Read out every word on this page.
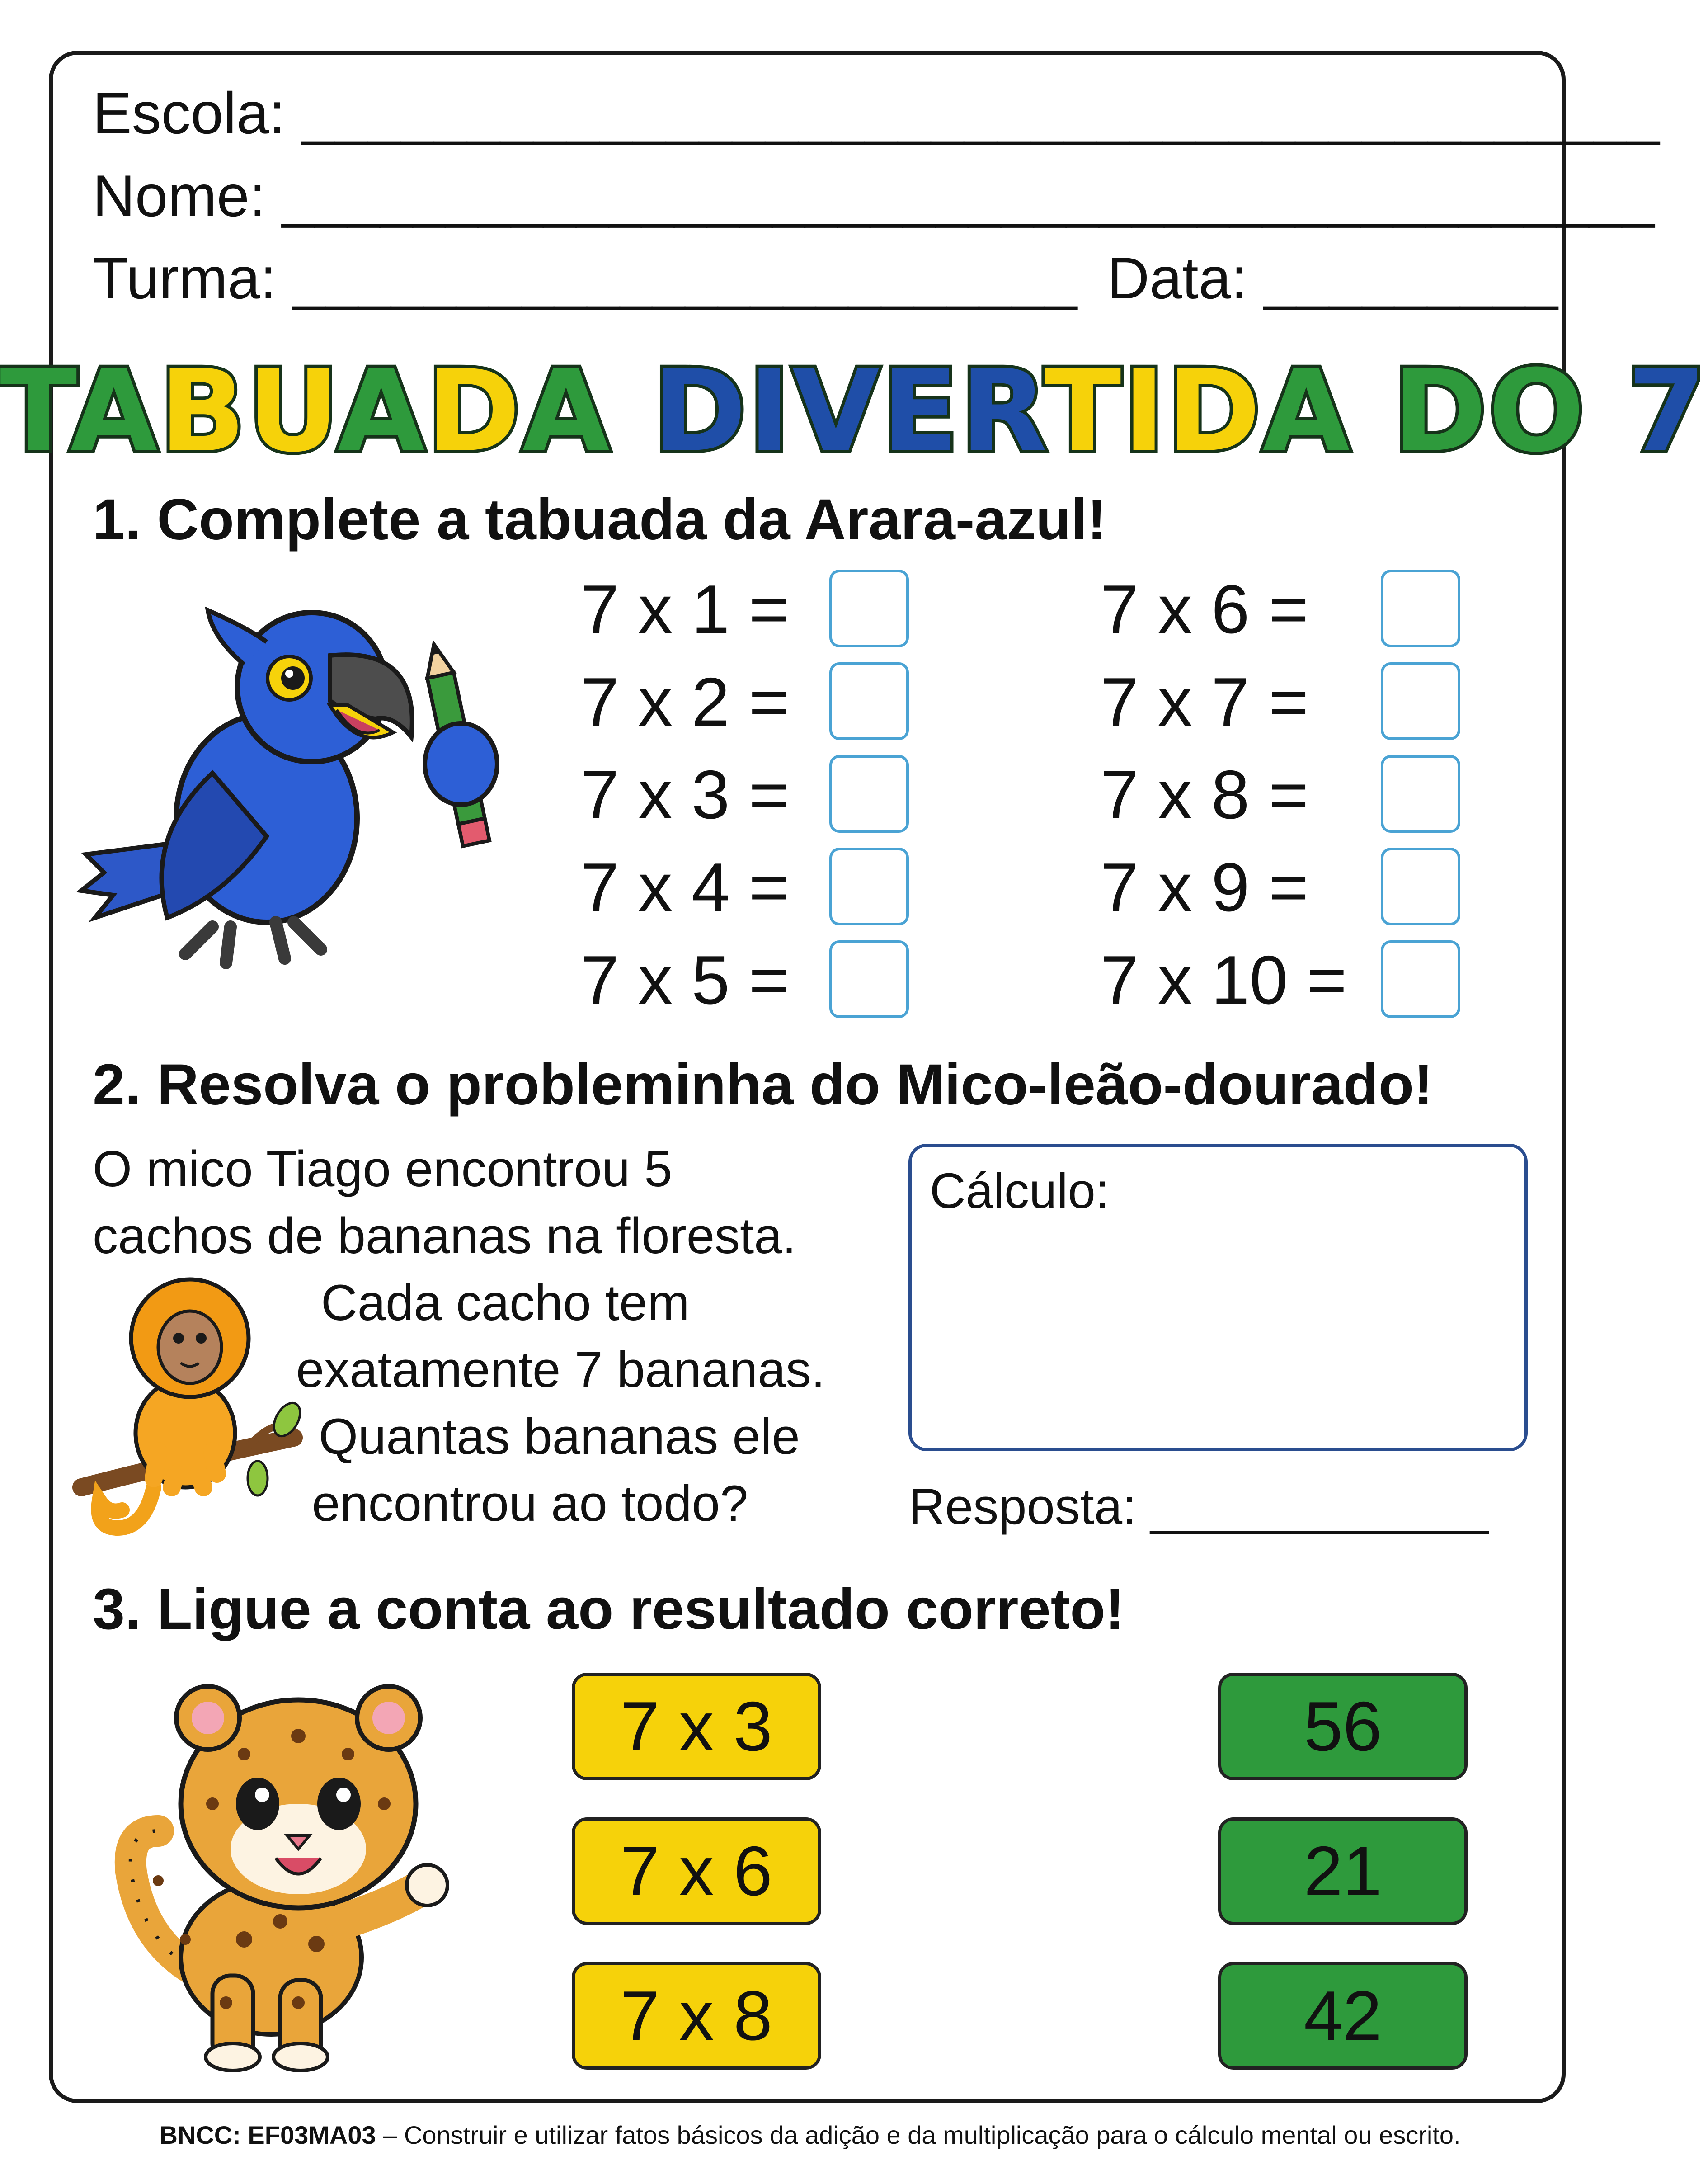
Escola: _________________________________________
Nome: __________________________________________
Turma: ________________________ Data: _________
TABUADA DIVERTIDA DO 7
1. Complete a tabuada da Arara-azul!
7 x 1 =
7 x 2 =
7 x 3 =
7 x 4 =
7 x 5 =
7 x 6 =
7 x 7 =
7 x 8 =
7 x 9 =
7 x 10 =
2. Resolva o probleminha do Mico-leão-dourado!
O mico Tiago encontrou 5
cachos de bananas na floresta.
Cada cacho tem
exatamente 7 bananas.
Quantas bananas ele
encontrou ao todo?
Cálculo:
Resposta: ____________
3. Ligue a conta ao resultado correto!
7 x 3
7 x 6
7 x 8
56
21
42
BNCC: EF03MA03 – Construir e utilizar fatos básicos da adição e da multiplicação para o cálculo mental ou escrito.
